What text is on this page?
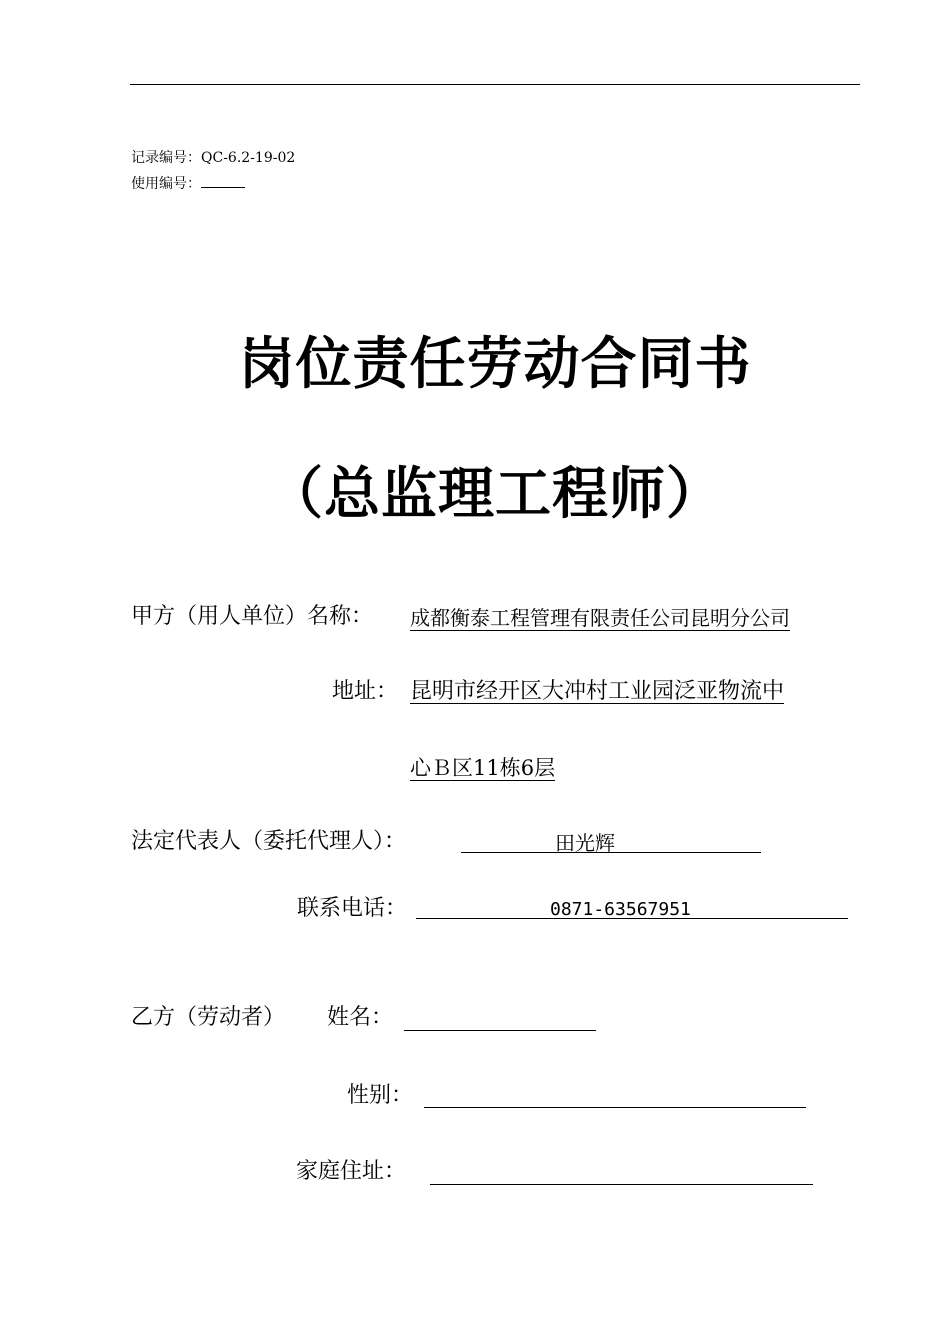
记录编号：QC-6.2-19-02
使用编号：
岗位责任劳动合同书
（总监理工程师）
甲方（用人单位）名称： 成都衡泰工程管理有限责任公司昆明分公司
地址： 昆明市经开区大冲村工业园泛亚物流中
心Ｂ区11栋6层
法定代表人（委托代理人）：	田光辉
联系电话：	0871-63567951
乙方（劳动者） 姓名：
性别：
家庭住址：
